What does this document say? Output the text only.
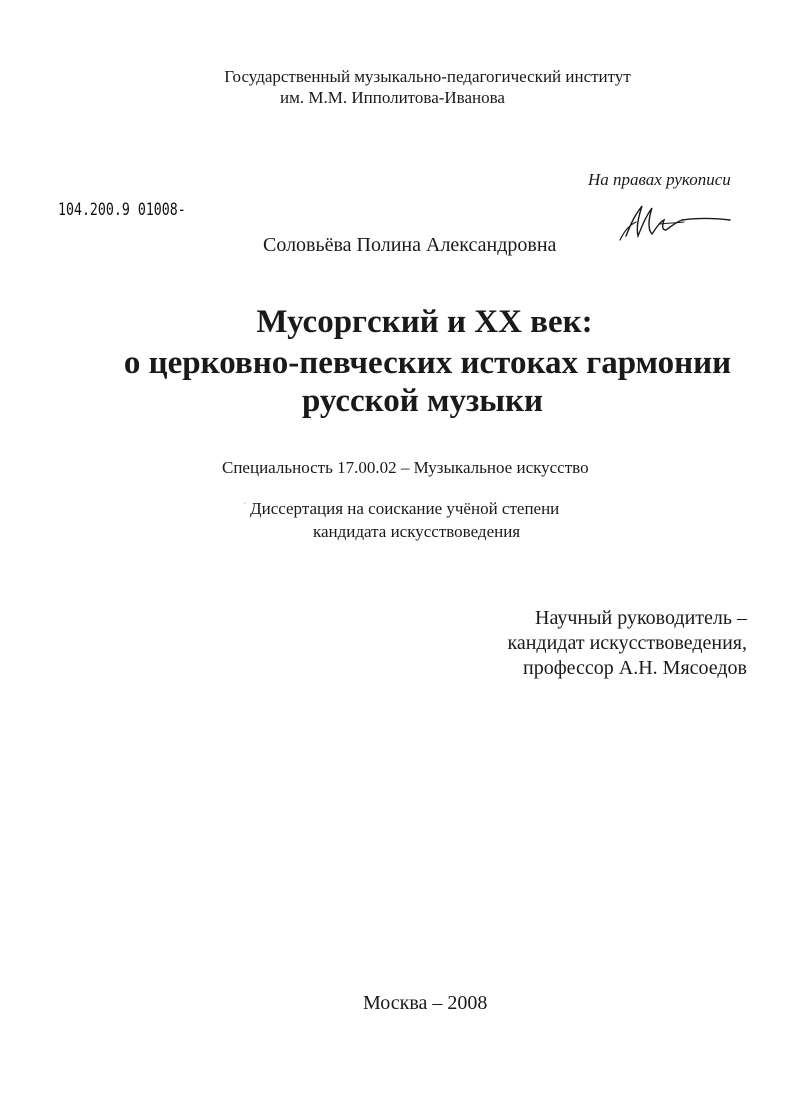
Государственный музыкально-педагогический институт
им. М.М. Ипполитова-Иванова
На правах рукописи
104.200.9 01008-
Соловьёва Полина Александровна
Мусоргский и XX век:
о церковно-певческих истоках гармонии
русской музыки
Специальность 17.00.02 – Музыкальное искусство
ˊ Диссертация на соискание учёной степени
кандидата искусствоведения
Научный руководитель –
кандидат искусствоведения,
профессор А.Н. Мясоедов
Москва – 2008
